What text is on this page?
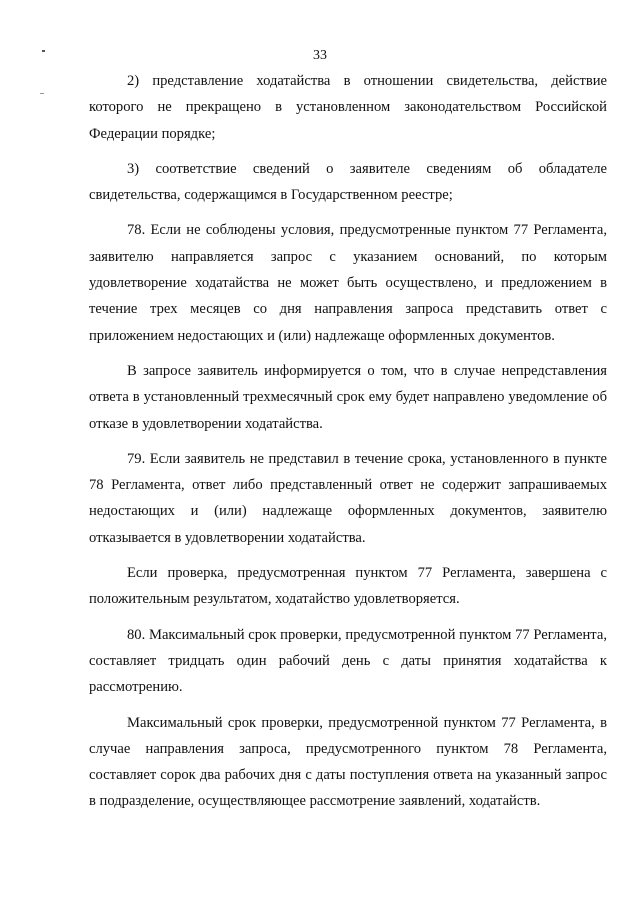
33

2) представление ходатайства в отношении свидетельства, действие которого не прекращено в установленном законодательством Российской Федерации порядке;

3) соответствие сведений о заявителе сведениям об обладателе свидетельства, содержащимся в Государственном реестре;

78. Если не соблюдены условия, предусмотренные пунктом 77 Регламента, заявителю направляется запрос с указанием оснований, по которым удовлетворение ходатайства не может быть осуществлено, и предложением в течение трех месяцев со дня направления запроса представить ответ с приложением недостающих и (или) надлежаще оформленных документов.

В запросе заявитель информируется о том, что в случае непредставления ответа в установленный трехмесячный срок ему будет направлено уведомление об отказе в удовлетворении ходатайства.

79. Если заявитель не представил в течение срока, установленного в пункте 78 Регламента, ответ либо представленный ответ не содержит запрашиваемых недостающих и (или) надлежаще оформленных документов, заявителю отказывается в удовлетворении ходатайства.

Если проверка, предусмотренная пунктом 77 Регламента, завершена с положительным результатом, ходатайство удовлетворяется.

80. Максимальный срок проверки, предусмотренной пунктом 77 Регламента, составляет тридцать один рабочий день с даты принятия ходатайства к рассмотрению.

Максимальный срок проверки, предусмотренной пунктом 77 Регламента, в случае направления запроса, предусмотренного пунктом 78 Регламента, составляет сорок два рабочих дня с даты поступления ответа на указанный запрос в подразделение, осуществляющее рассмотрение заявлений, ходатайств.
